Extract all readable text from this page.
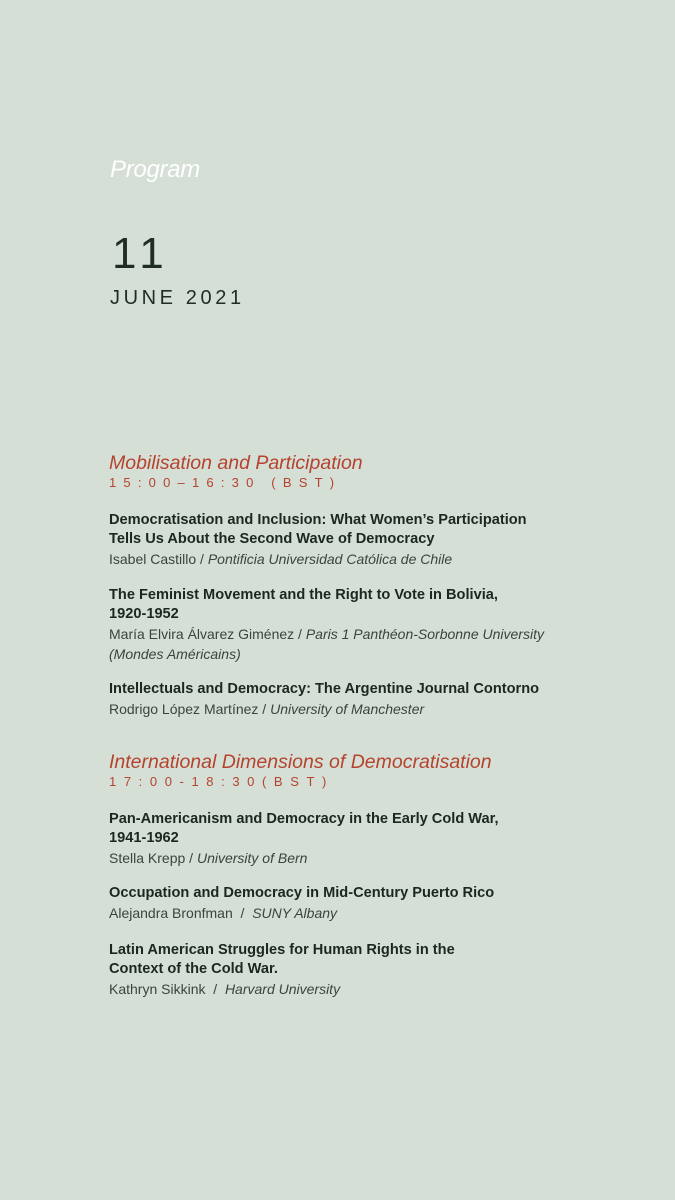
Program
11
JUNE 2021
Mobilisation and Participation
15:00–16:30 (BST)
Democratisation and Inclusion: What Women’s Participation Tells Us About the Second Wave of Democracy
Isabel Castillo / Pontificia Universidad Católica de Chile
The Feminist Movement and the Right to Vote in Bolivia, 1920-1952
María Elvira Álvarez Giménez / Paris 1 Panthéon-Sorbonne University (Mondes Américains)
Intellectuals and Democracy: The Argentine Journal Contorno
Rodrigo López Martínez / University of Manchester
International Dimensions of Democratisation
17:00-18:30(BST)
Pan-Americanism and Democracy in the Early Cold War, 1941-1962
Stella Krepp / University of Bern
Occupation and Democracy in Mid-Century Puerto Rico
Alejandra Bronfman  /  SUNY Albany
Latin American Struggles for Human Rights in the Context of the Cold War.
Kathryn Sikkink  /  Harvard University
